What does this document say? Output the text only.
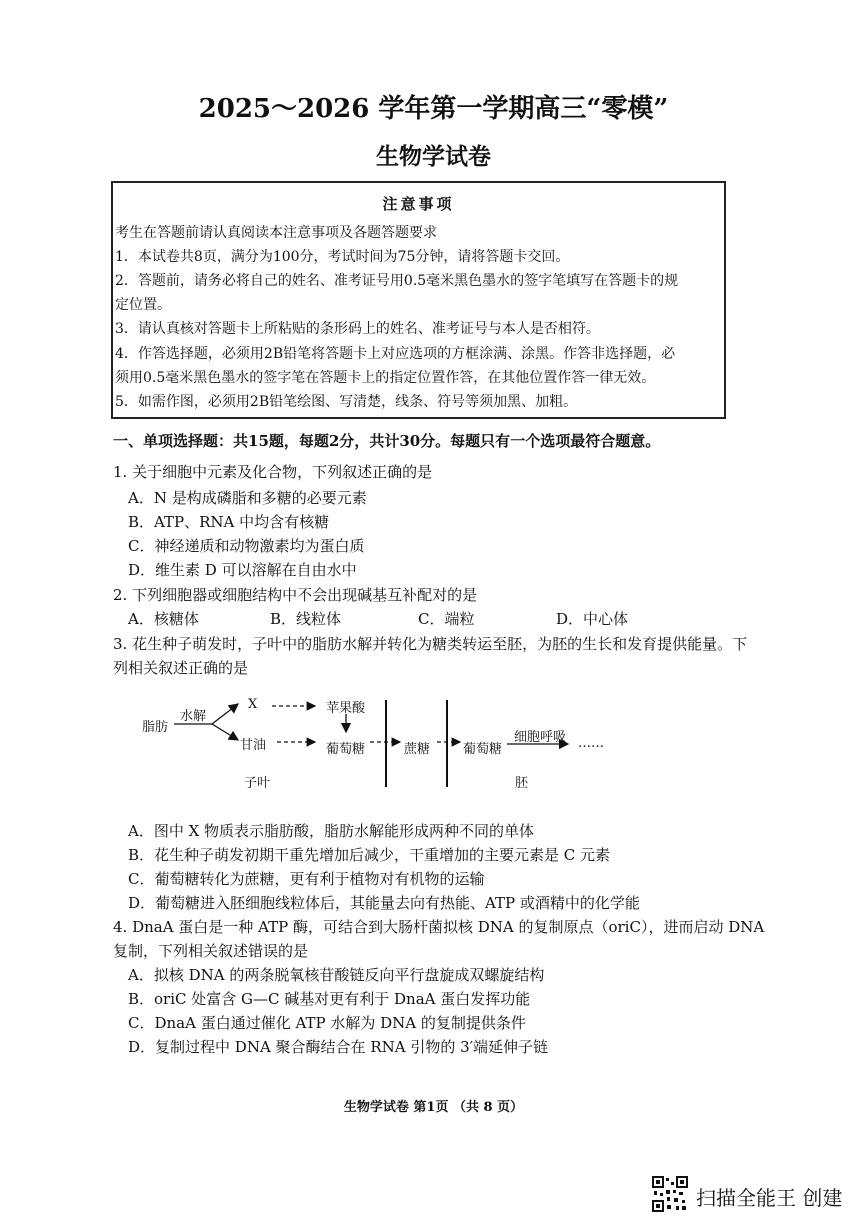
2025～2026 学年第一学期高三“零模”
生物学试卷
注意事项
考生在答题前请认真阅读本注意事项及各题答题要求
1．本试卷共8页，满分为100分，考试时间为75分钟，请将答题卡交回。
2．答题前，请务必将自己的姓名、准考证号用0.5毫米黑色墨水的签字笔填写在答题卡的规
定位置。
3．请认真核对答题卡上所粘贴的条形码上的姓名、准考证号与本人是否相符。
4．作答选择题，必须用2B铅笔将答题卡上对应选项的方框涂满、涂黑。作答非选择题，必
须用0.5毫米黑色墨水的签字笔在答题卡上的指定位置作答，在其他位置作答一律无效。
5．如需作图，必须用2B铅笔绘图、写清楚，线条、符号等须加黑、加粗。
一、单项选择题：共15题，每题2分，共计30分。每题只有一个选项最符合题意。
1. 关于细胞中元素及化合物，下列叙述正确的是
A．N 是构成磷脂和多糖的必要元素
B．ATP、RNA 中均含有核糖
C．神经递质和动物激素均为蛋白质
D．维生素 D 可以溶解在自由水中
2. 下列细胞器或细胞结构中不会出现碱基互补配对的是
A．核糖体	B．线粒体	C．端粒	D．中心体
3. 花生种子萌发时，子叶中的脂肪水解并转化为糖类转运至胚，为胚的生长和发育提供能量。下
列相关叙述正确的是
脂肪
水解
X	苹果酸
甘油	葡萄糖	蔗糖	葡萄糖
细胞呼吸 ……
子叶	胚
A．图中 X 物质表示脂肪酸，脂肪水解能形成两种不同的单体
B．花生种子萌发初期干重先增加后减少，干重增加的主要元素是 C 元素
C．葡萄糖转化为蔗糖，更有利于植物对有机物的运输
D．葡萄糖进入胚细胞线粒体后，其能量去向有热能、ATP 或酒精中的化学能
4. DnaA 蛋白是一种 ATP 酶，可结合到大肠杆菌拟核 DNA 的复制原点（oriC），进而启动 DNA
复制，下列相关叙述错误的是
A．拟核 DNA 的两条脱氧核苷酸链反向平行盘旋成双螺旋结构
B．oriC 处富含 G—C 碱基对更有利于 DnaA 蛋白发挥功能
C．DnaA 蛋白通过催化 ATP 水解为 DNA 的复制提供条件
D．复制过程中 DNA 聚合酶结合在 RNA 引物的 3′端延伸子链
生物学试卷 第1页 （共 8 页）
扫描全能王 创建
